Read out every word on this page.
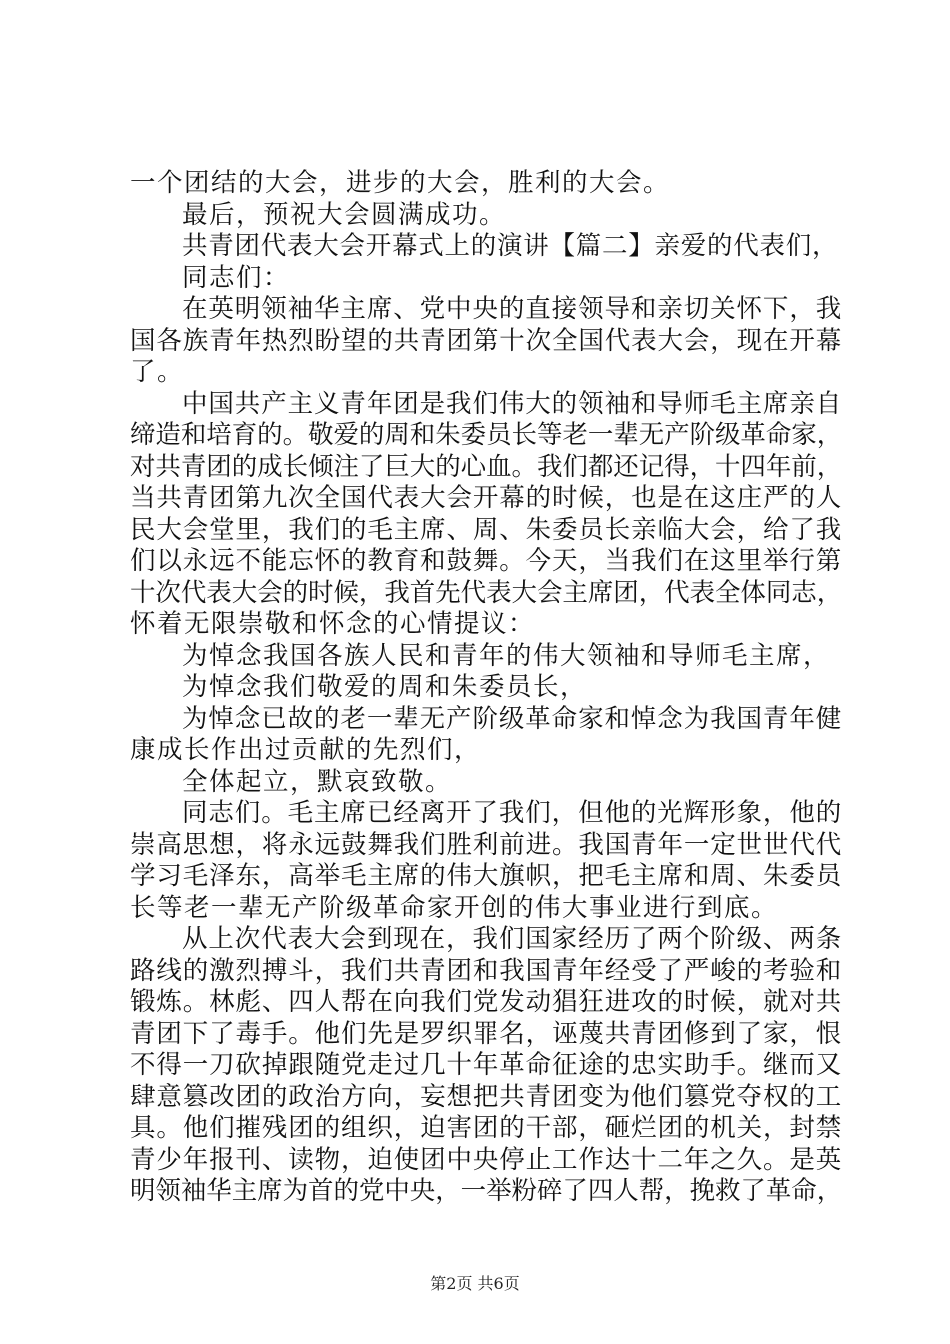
一个团结的大会，进步的大会，胜利的大会。
最后，预祝大会圆满成功。
共青团代表大会开幕式上的演讲【篇二】亲爱的代表们，
同志们：
在英明领袖华主席、党中央的直接领导和亲切关怀下，我
国各族青年热烈盼望的共青团第十次全国代表大会，现在开幕
了。
中国共产主义青年团是我们伟大的领袖和导师毛主席亲自
缔造和培育的。敬爱的周和朱委员长等老一辈无产阶级革命家，
对共青团的成长倾注了巨大的心血。我们都还记得，十四年前，
当共青团第九次全国代表大会开幕的时候，也是在这庄严的人
民大会堂里，我们的毛主席、周、朱委员长亲临大会，给了我
们以永远不能忘怀的教育和鼓舞。今天，当我们在这里举行第
十次代表大会的时候，我首先代表大会主席团，代表全体同志，
怀着无限崇敬和怀念的心情提议：
为悼念我国各族人民和青年的伟大领袖和导师毛主席，
为悼念我们敬爱的周和朱委员长，
为悼念已故的老一辈无产阶级革命家和悼念为我国青年健
康成长作出过贡献的先烈们，
全体起立，默哀致敬。
同志们。毛主席已经离开了我们，但他的光辉形象，他的
崇高思想，将永远鼓舞我们胜利前进。我国青年一定世世代代
学习毛泽东，高举毛主席的伟大旗帜，把毛主席和周、朱委员
长等老一辈无产阶级革命家开创的伟大事业进行到底。
从上次代表大会到现在，我们国家经历了两个阶级、两条
路线的激烈搏斗，我们共青团和我国青年经受了严峻的考验和
锻炼。林彪、四人帮在向我们党发动猖狂进攻的时候，就对共
青团下了毒手。他们先是罗织罪名，诬蔑共青团修到了家，恨
不得一刀砍掉跟随党走过几十年革命征途的忠实助手。继而又
肆意篡改团的政治方向，妄想把共青团变为他们篡党夺权的工
具。他们摧残团的组织，迫害团的干部，砸烂团的机关，封禁
青少年报刊、读物，迫使团中央停止工作达十二年之久。是英
明领袖华主席为首的党中央，一举粉碎了四人帮，挽救了革命，
第2页 共6页
